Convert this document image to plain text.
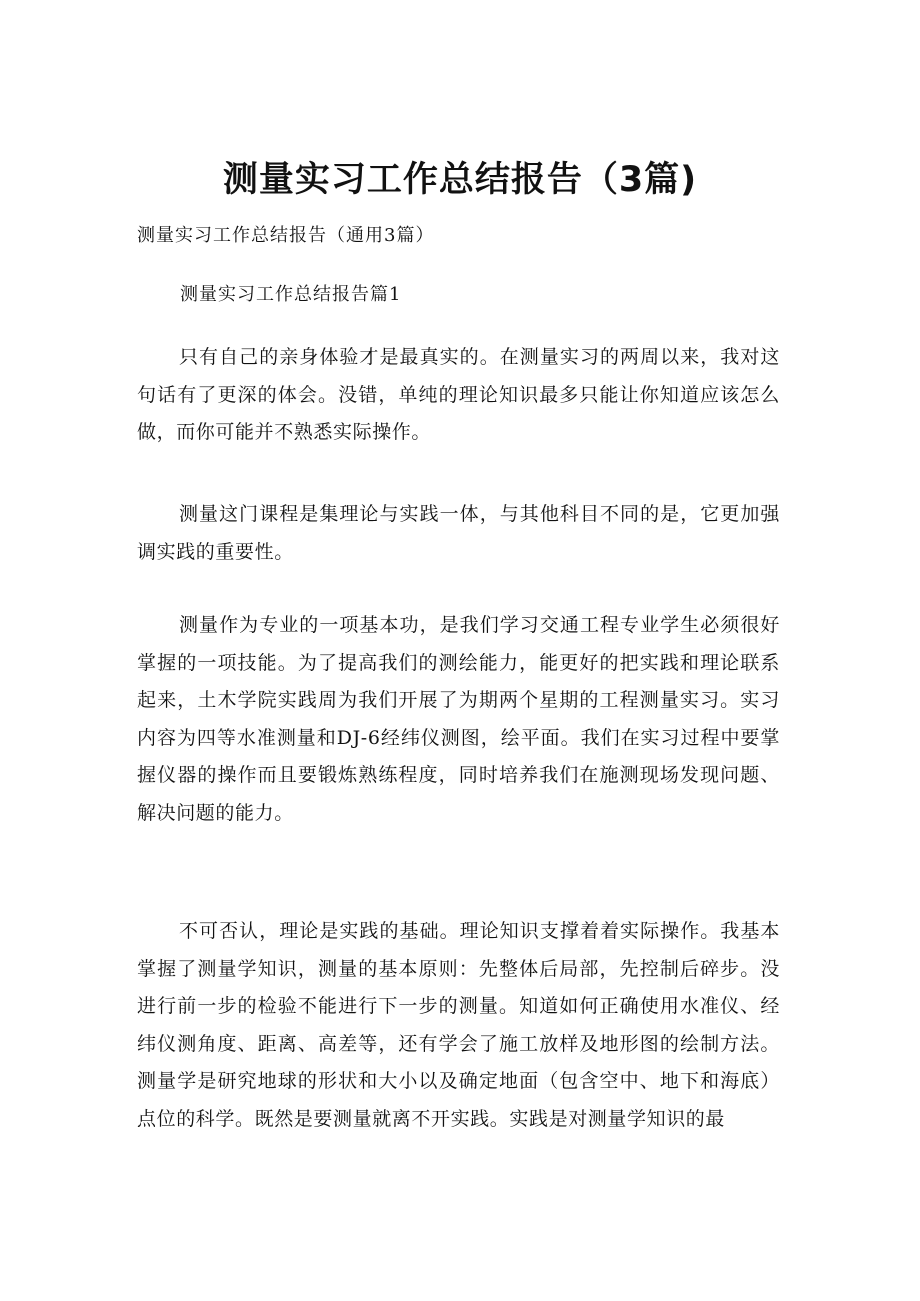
测量实习工作总结报告（3篇)

测量实习工作总结报告（通用3篇）

测量实习工作总结报告篇1

只有自己的亲身体验才是最真实的。在测量实习的两周以来，我对这句话有了更深的体会。没错，单纯的理论知识最多只能让你知道应该怎么做，而你可能并不熟悉实际操作。

测量这门课程是集理论与实践一体，与其他科目不同的是，它更加强调实践的重要性。

测量作为专业的一项基本功，是我们学习交通工程专业学生必须很好掌握的一项技能。为了提高我们的测绘能力，能更好的把实践和理论联系起来，土木学院实践周为我们开展了为期两个星期的工程测量实习。实习内容为四等水准测量和DJ-6经纬仪测图，绘平面。我们在实习过程中要掌握仪器的操作而且要锻炼熟练程度，同时培养我们在施测现场发现问题、解决问题的能力。

不可否认，理论是实践的基础。理论知识支撑着着实际操作。我基本掌握了测量学知识，测量的基本原则：先整体后局部，先控制后碎步。没进行前一步的检验不能进行下一步的测量。知道如何正确使用水准仪、经纬仪测角度、距离、高差等，还有学会了施工放样及地形图的绘制方法。测量学是研究地球的形状和大小以及确定地面（包含空中、地下和海底）点位的科学。既然是要测量就离不开实践。实践是对测量学知识的最
